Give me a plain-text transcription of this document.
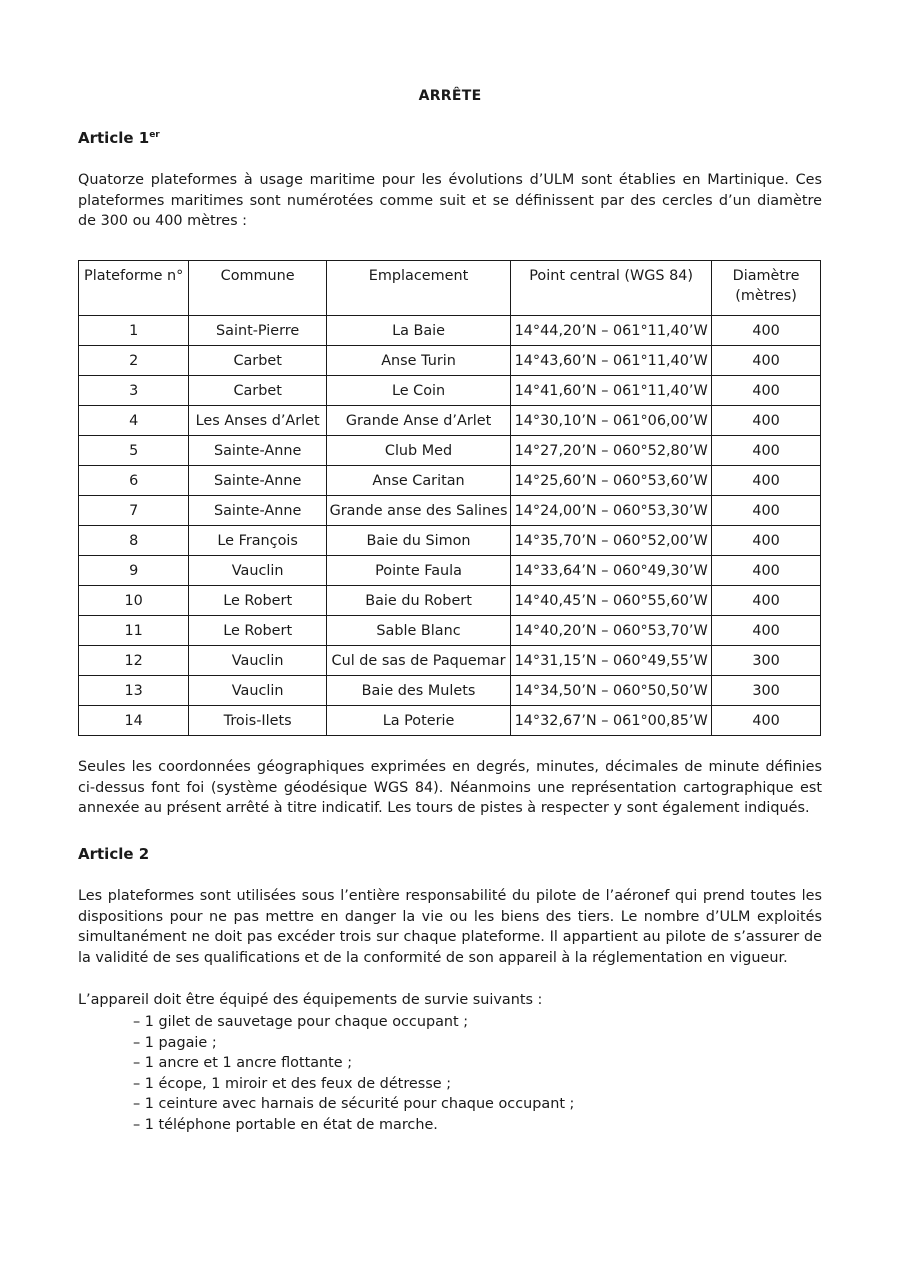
ARRÊTE
Article 1er
Quatorze plateformes à usage maritime pour les évolutions d’ULM sont établies en Martinique. Ces plateformes maritimes sont numérotées comme suit et se définissent par des cercles d’un diamètre de 300 ou 400 mètres :
Plateforme n°	Commune	Emplacement	Point central (WGS 84)	Diamètre (mètres)
1	Saint-Pierre	La Baie	14°44,20’N – 061°11,40’W	400
2	Carbet	Anse Turin	14°43,60’N – 061°11,40’W	400
3	Carbet	Le Coin	14°41,60’N – 061°11,40’W	400
4	Les Anses d’Arlet	Grande Anse d’Arlet	14°30,10’N – 061°06,00’W	400
5	Sainte-Anne	Club Med	14°27,20’N – 060°52,80’W	400
6	Sainte-Anne	Anse Caritan	14°25,60’N – 060°53,60’W	400
7	Sainte-Anne	Grande anse des Salines	14°24,00’N – 060°53,30’W	400
8	Le François	Baie du Simon	14°35,70’N – 060°52,00’W	400
9	Vauclin	Pointe Faula	14°33,64’N – 060°49,30’W	400
10	Le Robert	Baie du Robert	14°40,45’N – 060°55,60’W	400
11	Le Robert	Sable Blanc	14°40,20’N – 060°53,70’W	400
12	Vauclin	Cul de sas de Paquemar	14°31,15’N – 060°49,55’W	300
13	Vauclin	Baie des Mulets	14°34,50’N – 060°50,50’W	300
14	Trois-Ilets	La Poterie	14°32,67’N – 061°00,85’W	400
Seules les coordonnées géographiques exprimées en degrés, minutes, décimales de minute définies ci-dessus font foi (système géodésique WGS 84). Néanmoins une représentation cartographique est annexée au présent arrêté à titre indicatif. Les tours de pistes à respecter y sont également indiqués.
Article 2
Les plateformes sont utilisées sous l’entière responsabilité du pilote de l’aéronef qui prend toutes les dispositions pour ne pas mettre en danger la vie ou les biens des tiers. Le nombre d’ULM exploités simultanément ne doit pas excéder trois sur chaque plateforme. Il appartient au pilote de s’assurer de la validité de ses qualifications et de la conformité de son appareil à la réglementation en vigueur.
L’appareil doit être équipé des équipements de survie suivants :
– 1 gilet de sauvetage pour chaque occupant ;
– 1 pagaie ;
– 1 ancre et 1 ancre flottante ;
– 1 écope, 1 miroir et des feux de détresse ;
– 1 ceinture avec harnais de sécurité pour chaque occupant ;
– 1 téléphone portable en état de marche.
